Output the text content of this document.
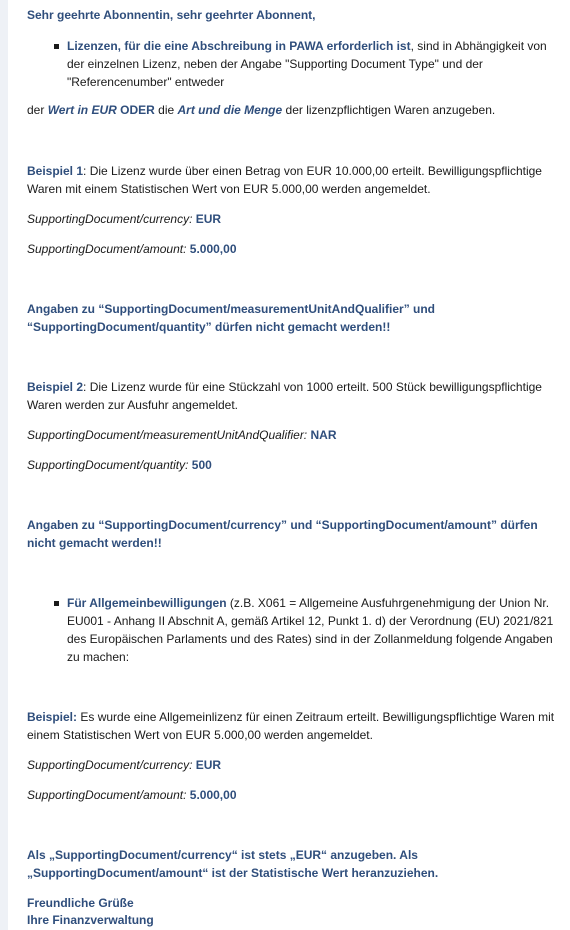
Sehr geehrte Abonnentin, sehr geehrter Abonnent,
Lizenzen, für die eine Abschreibung in PAWA erforderlich ist, sind in Abhängigkeit von
der einzelnen Lizenz, neben der Angabe "Supporting Document Type" und der
"Referencenumber" entweder
der Wert in EUR ODER die Art und die Menge der lizenzpflichtigen Waren anzugeben.
Beispiel 1: Die Lizenz wurde über einen Betrag von EUR 10.000,00 erteilt. Bewilligungspflichtige
Waren mit einem Statistischen Wert von EUR 5.000,00 werden angemeldet.
SupportingDocument/currency: EUR
SupportingDocument/amount: 5.000,00
Angaben zu “SupportingDocument/measurementUnitAndQualifier” und
“SupportingDocument/quantity” dürfen nicht gemacht werden!!
Beispiel 2: Die Lizenz wurde für eine Stückzahl von 1000 erteilt. 500 Stück bewilligungspflichtige
Waren werden zur Ausfuhr angemeldet.
SupportingDocument/measurementUnitAndQualifier: NAR
SupportingDocument/quantity: 500
Angaben zu “SupportingDocument/currency” und “SupportingDocument/amount” dürfen
nicht gemacht werden!!
Für Allgemeinbewilligungen (z.B. X061 = Allgemeine Ausfuhrgenehmigung der Union Nr.
EU001 - Anhang II Abschnit A, gemäß Artikel 12, Punkt 1. d) der Verordnung (EU) 2021/821
des Europäischen Parlaments und des Rates) sind in der Zollanmeldung folgende Angaben
zu machen:
Beispiel: Es wurde eine Allgemeinlizenz für einen Zeitraum erteilt. Bewilligungspflichtige Waren mit
einem Statistischen Wert von EUR 5.000,00 werden angemeldet.
SupportingDocument/currency: EUR
SupportingDocument/amount: 5.000,00
Als „SupportingDocument/currency“ ist stets „EUR“ anzugeben. Als
„SupportingDocument/amount“ ist der Statistische Wert heranzuziehen.
Freundliche Grüße
Ihre Finanzverwaltung
